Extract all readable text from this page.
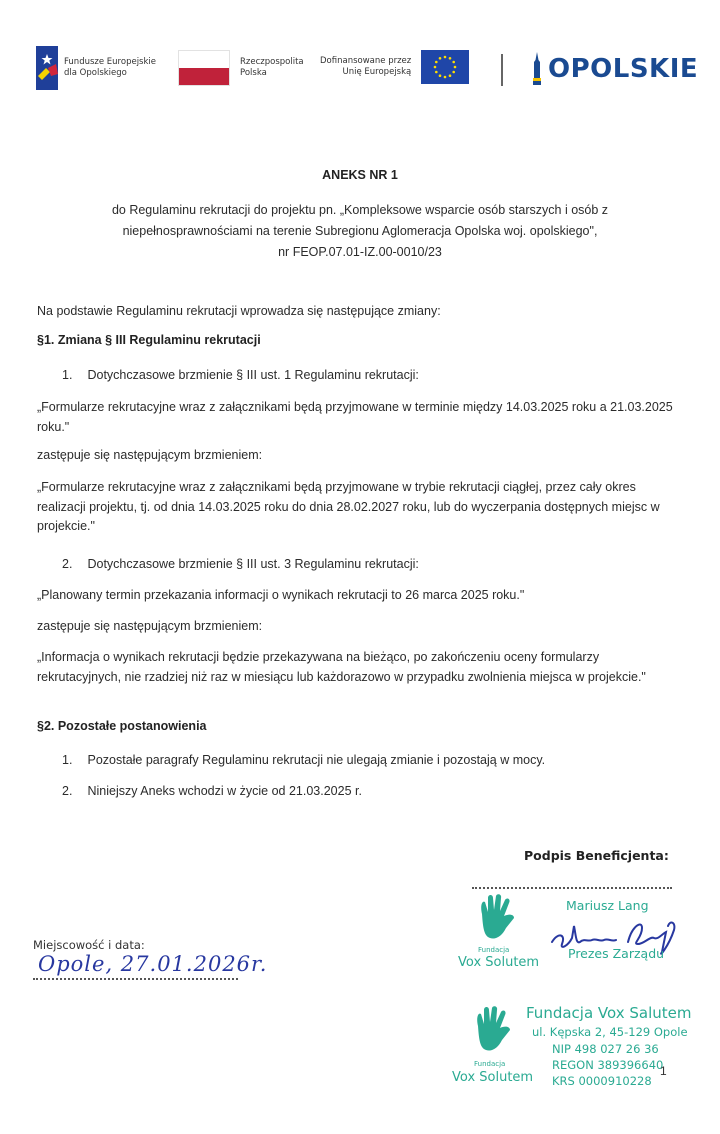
Fundusze Europejskie
dla Opolskiego
Rzeczpospolita
Polska
Dofinansowane przez
Unię Europejską	OPOLSKIE
ANEKS NR 1
do Regulaminu rekrutacji do projektu pn. „Kompleksowe wsparcie osób starszych i osób z
niepełnosprawnościami na terenie Subregionu Aglomeracja Opolska woj. opolskiego",
nr FEOP.07.01-IZ.00-0010/23
Na podstawie Regulaminu rekrutacji wprowadza się następujące zmiany:
§1. Zmiana § III Regulaminu rekrutacji
1. Dotychczasowe brzmienie § III ust. 1 Regulaminu rekrutacji:
„Formularze rekrutacyjne wraz z załącznikami będą przyjmowane w terminie między 14.03.2025 roku a 21.03.2025 roku."
zastępuje się następującym brzmieniem:
„Formularze rekrutacyjne wraz z załącznikami będą przyjmowane w trybie rekrutacji ciągłej, przez cały okres realizacji projektu, tj. od dnia 14.03.2025 roku do dnia 28.02.2027 roku, lub do wyczerpania dostępnych miejsc w projekcie."
2. Dotychczasowe brzmienie § III ust. 3 Regulaminu rekrutacji:
„Planowany termin przekazania informacji o wynikach rekrutacji to 26 marca 2025 roku."
zastępuje się następującym brzmieniem:
„Informacja o wynikach rekrutacji będzie przekazywana na bieżąco, po zakończeniu oceny formularzy rekrutacyjnych, nie rzadziej niż raz w miesiącu lub każdorazowo w przypadku zwolnienia miejsca w projekcie."
§2. Pozostałe postanowienia
1. Pozostałe paragrafy Regulaminu rekrutacji nie ulegają zmianie i pozostają w mocy.
2. Niniejszy Aneks wchodzi w życie od 21.03.2025 r.
Podpis Beneficjenta:
Fundacja
Vox Solutem
Mariusz Lang
Prezes Zarządu
Miejscowość i data:
Opole, 27.01.2026r.
Fundacja
Vox Solutem
Fundacja Vox Salutem
ul. Kępska 2, 45-129 Opole
NIP 498 027 26 36
REGON 389396640
KRS 0000910228
1
